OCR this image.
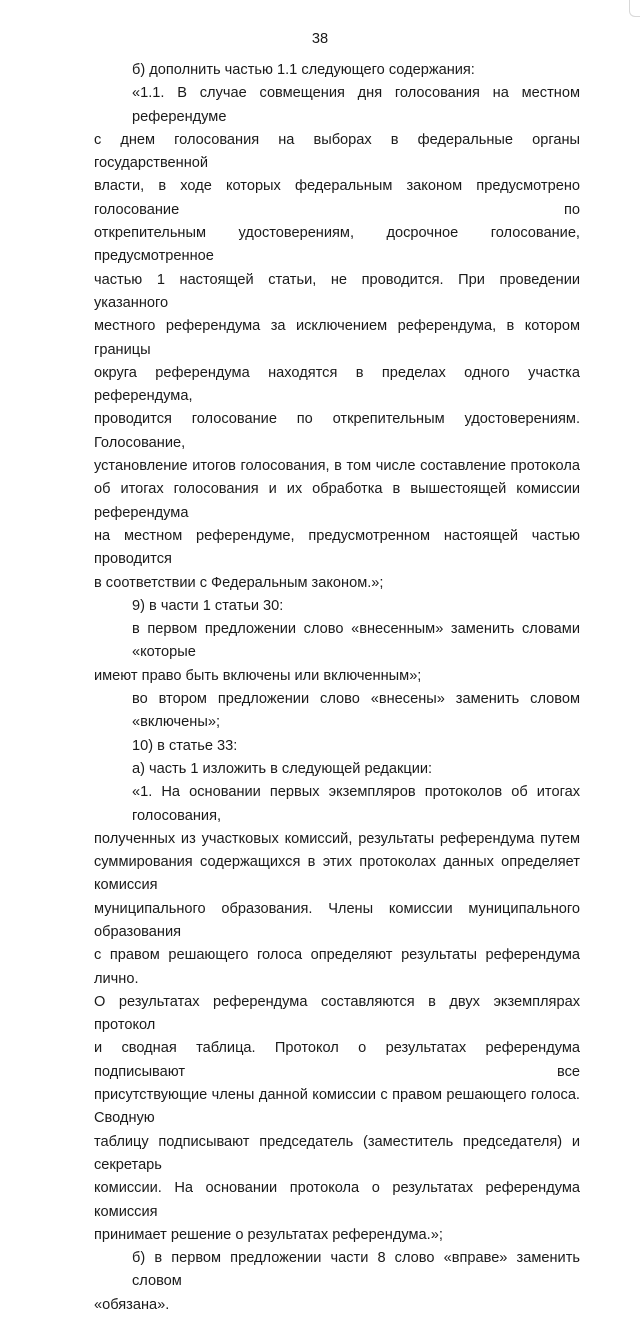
38

б) дополнить частью 1.1 следующего содержания:

«1.1. В случае совмещения дня голосования на местном референдуме

с днем голосования на выборах в федеральные органы государственной

власти, в ходе которых федеральным законом предусмотрено голосование по

открепительным удостоверениям, досрочное голосование, предусмотренное

частью 1 настоящей статьи, не проводится. При проведении указанного

местного референдума за исключением референдума, в котором границы

округа референдума находятся в пределах одного участка референдума,

проводится голосование по открепительным удостоверениям. Голосование,

установление итогов голосования, в том числе составление протокола

об итогах голосования и их обработка в вышестоящей комиссии референдума

на местном референдуме, предусмотренном настоящей частью проводится

в соответствии с Федеральным законом.»;

9) в части 1 статьи 30:

в первом предложении слово «внесенным» заменить словами «которые

имеют право быть включены или включенным»;

во втором предложении слово «внесены» заменить словом «включены»;

10) в статье 33:

а) часть 1 изложить в следующей редакции:

«1. На основании первых экземпляров протоколов об итогах голосования,

полученных из участковых комиссий, результаты референдума путем

суммирования содержащихся в этих протоколах данных определяет комиссия

муниципального образования. Члены комиссии муниципального образования

с правом решающего голоса определяют результаты референдума лично.

О результатах референдума составляются в двух экземплярах протокол

и сводная таблица. Протокол о результатах референдума подписывают все

присутствующие члены данной комиссии с правом решающего голоса. Сводную

таблицу подписывают председатель (заместитель председателя) и секретарь

комиссии. На основании протокола о результатах референдума комиссия

принимает решение о результатах референдума.»;

б) в первом предложении части 8 слово «вправе» заменить словом

«обязана».
